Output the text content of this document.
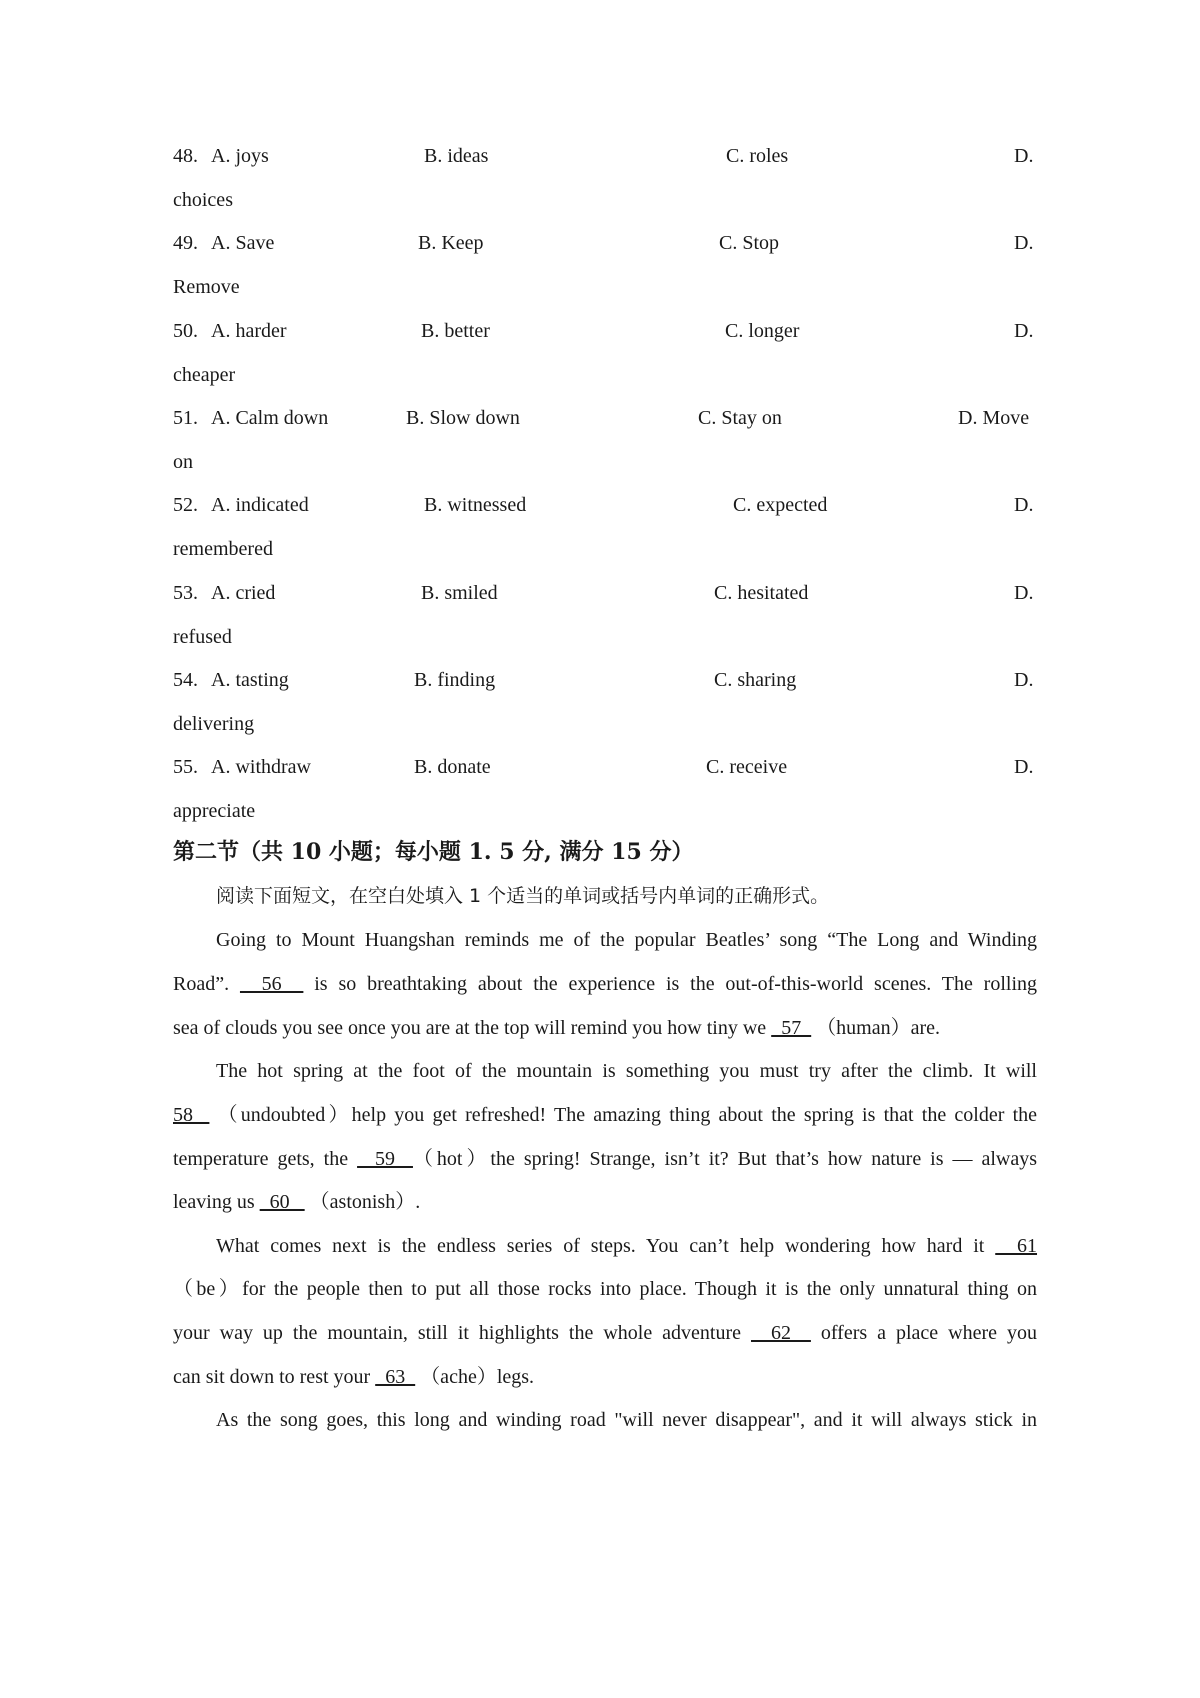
48. A. joys	B. ideas	C. roles	D.
choices
49. A. Save	B. Keep	C. Stop	D.
Remove
50. A. harder	B. better	C. longer	D.
cheaper
51. A. Calm down	B. Slow down	C. Stay on	D. Move
on
52. A. indicated	B. witnessed	C. expected	D.
remembered
53. A. cried	B. smiled	C. hesitated	D.
refused
54. A. tasting	B. finding	C. sharing	D.
delivering
55. A. withdraw	B. donate	C. receive	D.
appreciate
第二节（共 10 小题；每小题 1. 5 分, 满分 15 分）
阅读下面短文，在空白处填入 1 个适当的单词或括号内单词的正确形式。
Going to Mount Huangshan reminds me of the popular Beatles’ song “The Long and Winding
Road”.   56   is so breathtaking about the experience is the out-of-this-world scenes. The rolling
sea of clouds you see once you are at the top will remind you how tiny we   57   （human）are.
The hot spring at the foot of the mountain is something you must try after the climb. It will
58   （undoubted）help you get refreshed! The amazing thing about the spring is that the colder the
temperature gets, the   59  （hot）the spring! Strange, isn’t it? But that’s how nature is — always
leaving us   60    （astonish）.
What comes next is the endless series of steps. You can’t help wondering how hard it   61
（be）for the people then to put all those rocks into place. Though it is the only unnatural thing on
your way up the mountain, still it highlights the whole adventure   62   offers a place where you
can sit down to rest your   63   （ache）legs.
As the song goes, this long and winding road "will never disappear", and it will always stick in
